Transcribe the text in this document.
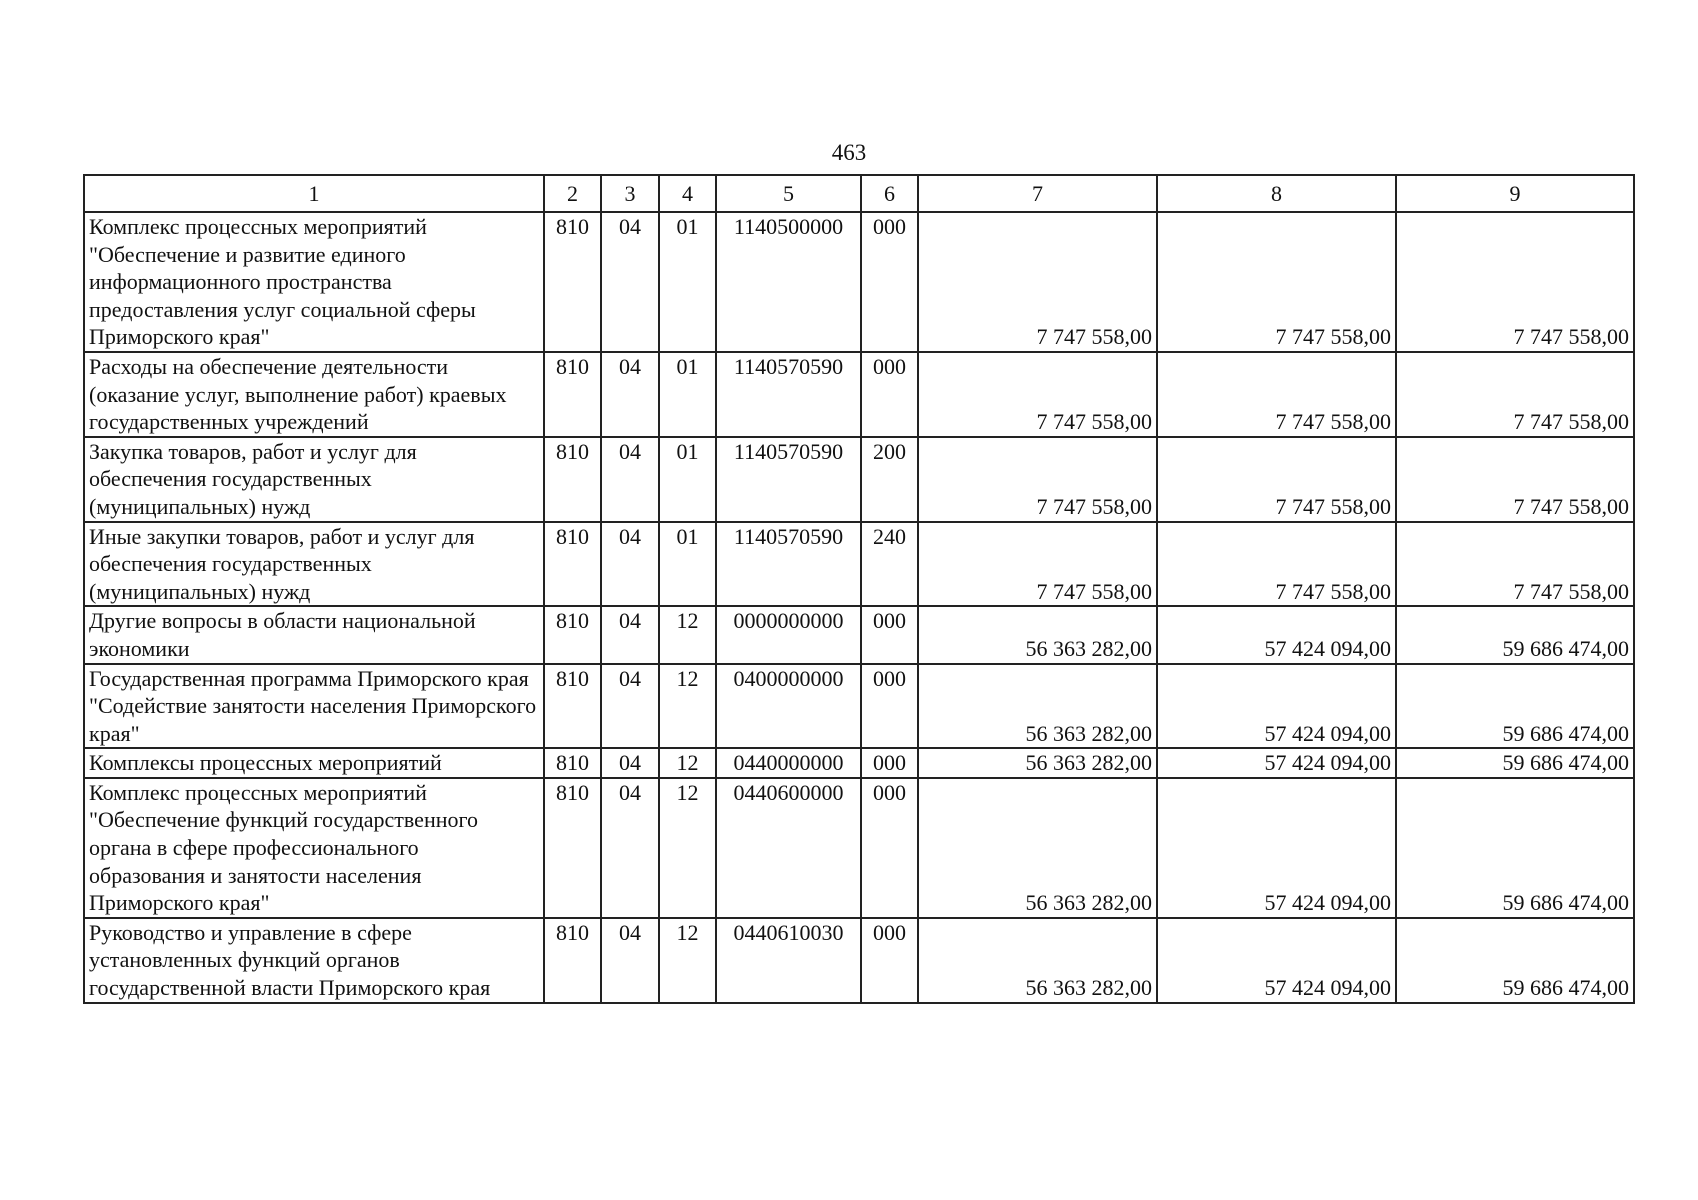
463
1	2	3	4	5	6	7	8	9
Комплекс процессных мероприятий "Обеспечение и развитие единого информационного пространства предоставления услуг социальной сферы Приморского края"	810	04	01	1140500000	000	7 747 558,00	7 747 558,00	7 747 558,00
Расходы на обеспечение деятельности (оказание услуг, выполнение работ) краевых государственных учреждений	810	04	01	1140570590	000	7 747 558,00	7 747 558,00	7 747 558,00
Закупка товаров, работ и услуг для обеспечения государственных (муниципальных) нужд	810	04	01	1140570590	200	7 747 558,00	7 747 558,00	7 747 558,00
Иные закупки товаров, работ и услуг для обеспечения государственных (муниципальных) нужд	810	04	01	1140570590	240	7 747 558,00	7 747 558,00	7 747 558,00
Другие вопросы в области национальной экономики	810	04	12	0000000000	000	56 363 282,00	57 424 094,00	59 686 474,00
Государственная программа Приморского края "Содействие занятости населения Приморского края"	810	04	12	0400000000	000	56 363 282,00	57 424 094,00	59 686 474,00
Комплексы процессных мероприятий	810	04	12	0440000000	000	56 363 282,00	57 424 094,00	59 686 474,00
Комплекс процессных мероприятий "Обеспечение функций государственного органа в сфере профессионального образования и занятости населения Приморского края"	810	04	12	0440600000	000	56 363 282,00	57 424 094,00	59 686 474,00
Руководство и управление в сфере установленных функций органов государственной власти Приморского края	810	04	12	0440610030	000	56 363 282,00	57 424 094,00	59 686 474,00
